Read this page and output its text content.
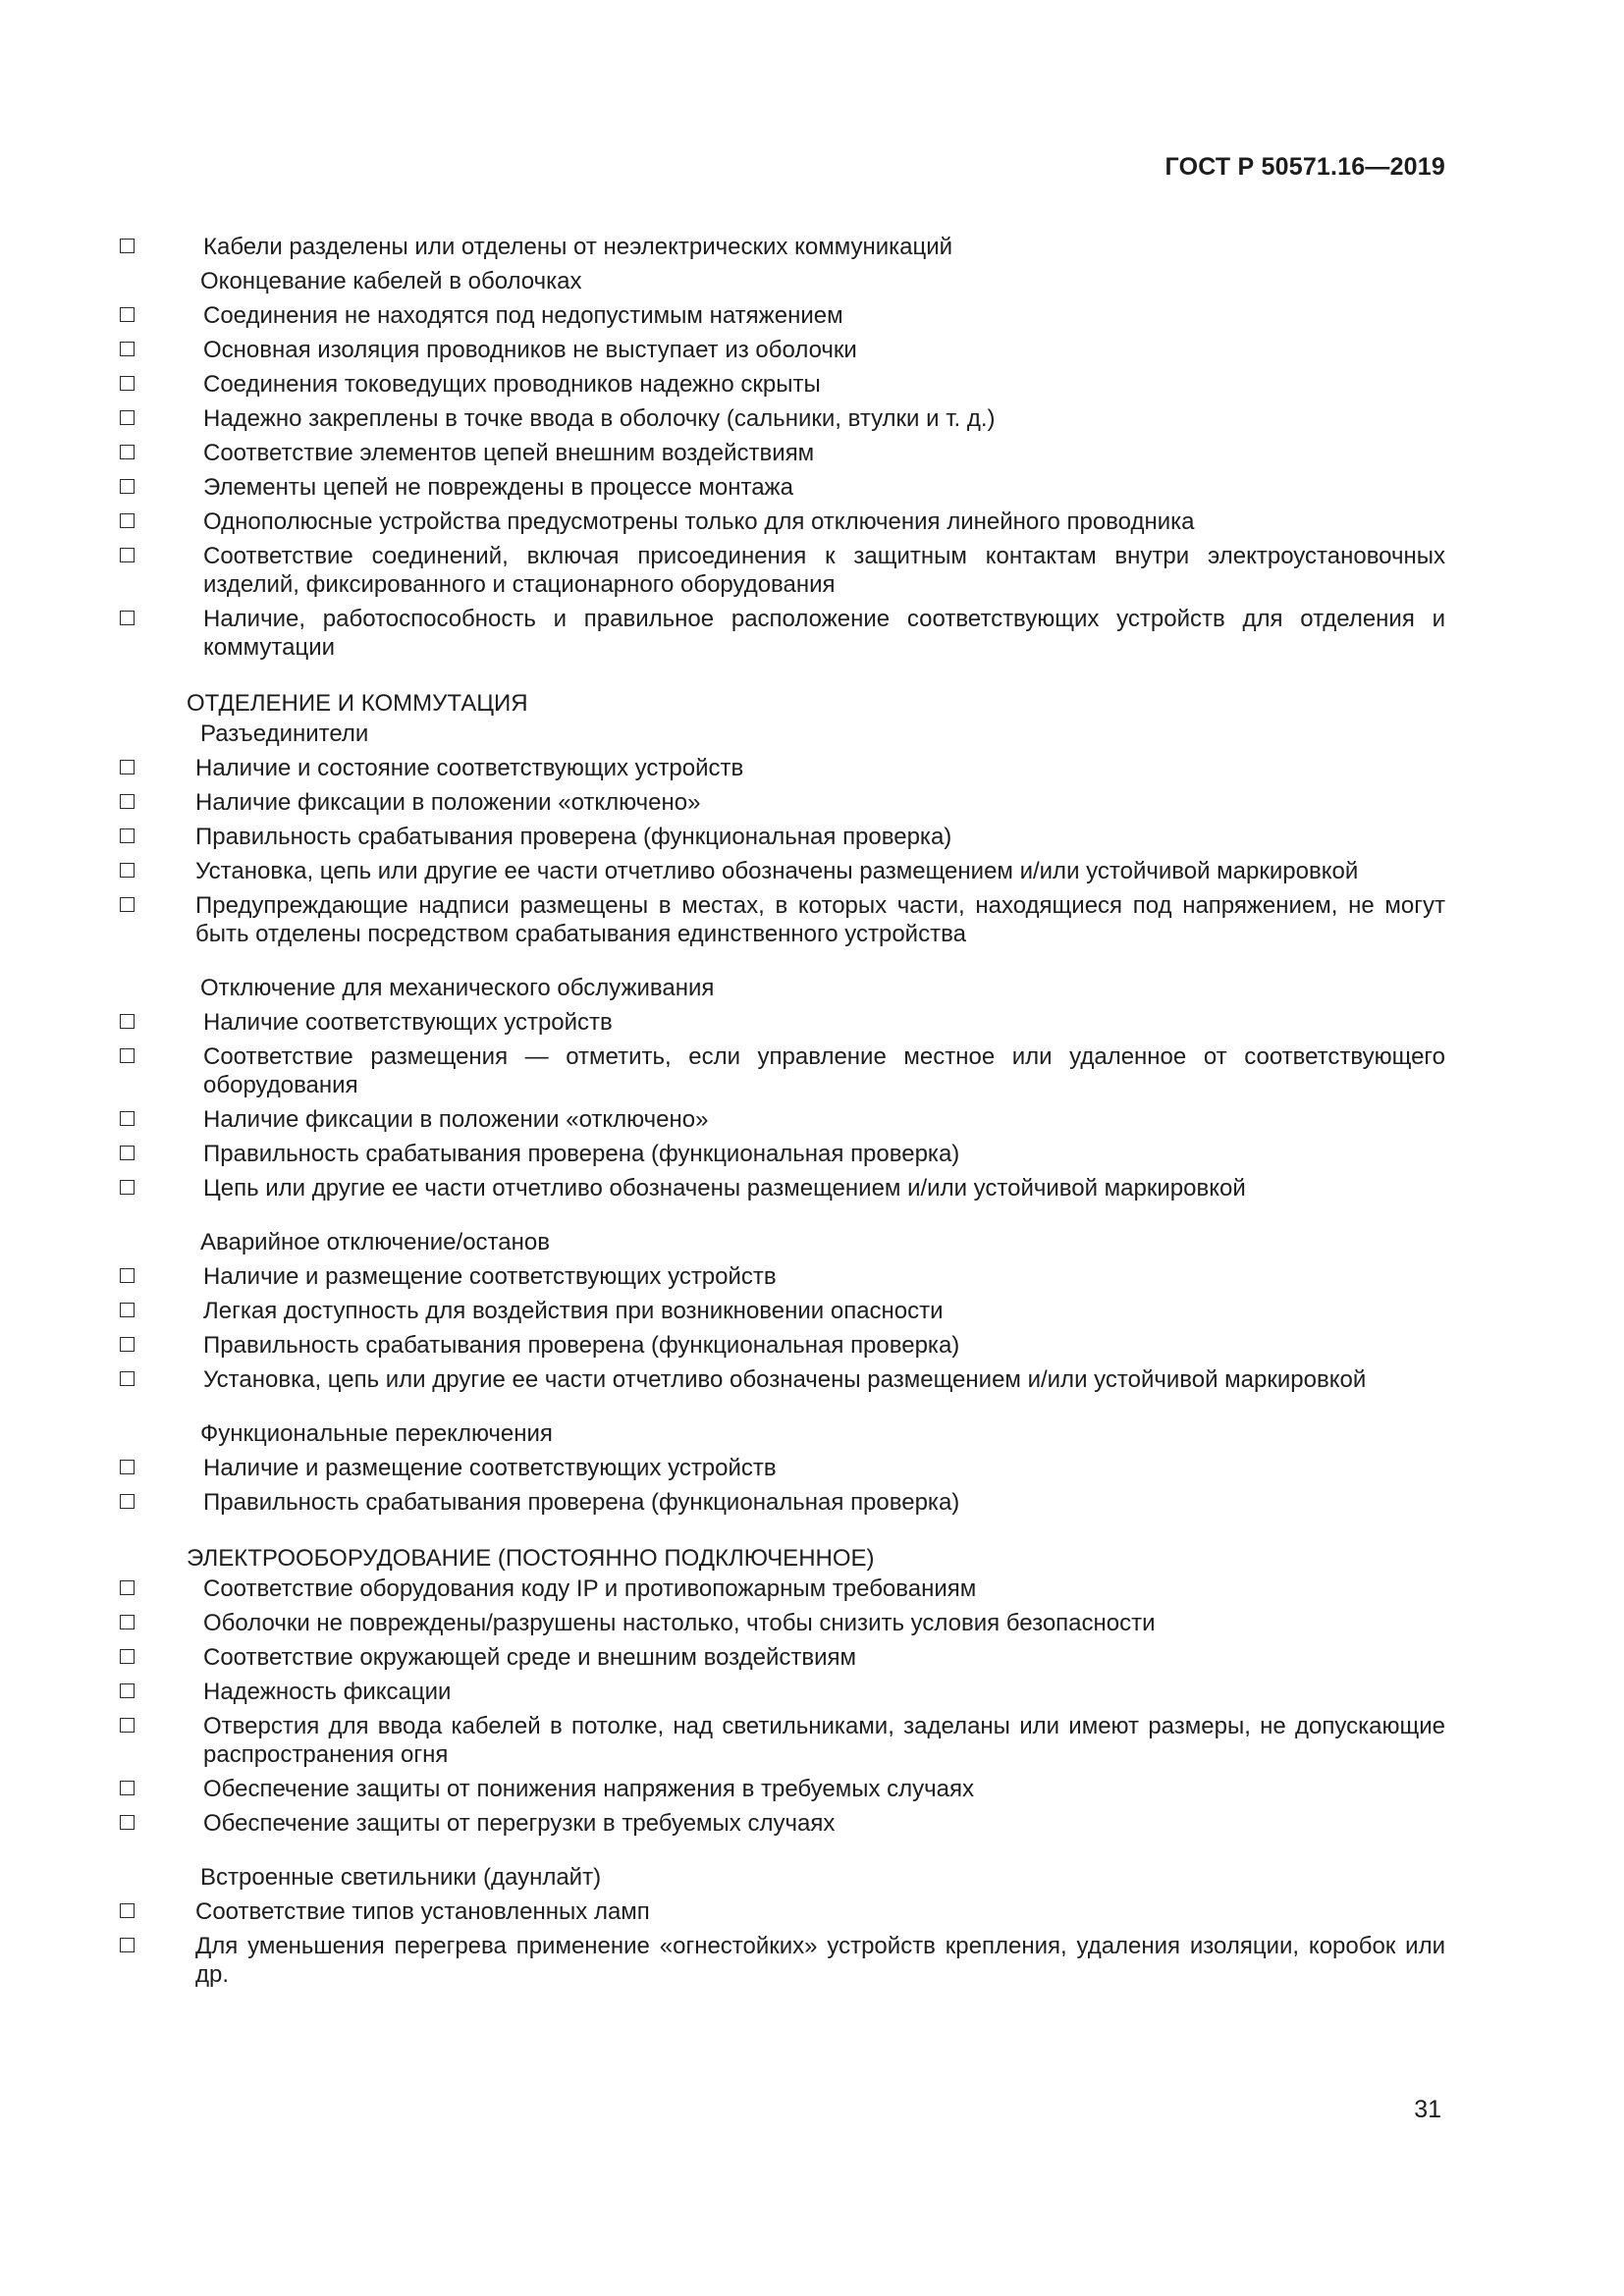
ГОСТ Р 50571.16—2019
Кабели разделены или отделены от неэлектрических коммуникаций
Оконцевание кабелей в оболочках
Соединения не находятся под недопустимым натяжением
Основная изоляция проводников не выступает из оболочки
Соединения токоведущих проводников надежно скрыты
Надежно закреплены в точке ввода в оболочку (сальники, втулки и т. д.)
Соответствие элементов цепей внешним воздействиям
Элементы цепей не повреждены в процессе монтажа
Однополюсные устройства предусмотрены только для отключения линейного проводника
Соответствие соединений, включая присоединения к защитным контактам внутри электроустановочных изделий, фиксированного и стационарного оборудования
Наличие, работоспособность и правильное расположение соответствующих устройств для отделения и коммутации
ОТДЕЛЕНИЕ И КОММУТАЦИЯ
Разъединители
Наличие и состояние соответствующих устройств
Наличие фиксации в положении «отключено»
Правильность срабатывания проверена (функциональная проверка)
Установка, цепь или другие ее части отчетливо обозначены размещением и/или устойчивой маркировкой
Предупреждающие надписи размещены в местах, в которых части, находящиеся под напряжением, не могут быть отделены посредством срабатывания единственного устройства
Отключение для механического обслуживания
Наличие соответствующих устройств
Соответствие размещения — отметить, если управление местное или удаленное от соответствующего оборудования
Наличие фиксации в положении «отключено»
Правильность срабатывания проверена (функциональная проверка)
Цепь или другие ее части отчетливо обозначены размещением и/или устойчивой маркировкой
Аварийное отключение/останов
Наличие и размещение соответствующих устройств
Легкая доступность для воздействия при возникновении опасности
Правильность срабатывания проверена (функциональная проверка)
Установка, цепь или другие ее части отчетливо обозначены размещением и/или устойчивой маркировкой
Функциональные переключения
Наличие и размещение соответствующих устройств
Правильность срабатывания проверена (функциональная проверка)
ЭЛЕКТРООБОРУДОВАНИЕ (ПОСТОЯННО ПОДКЛЮЧЕННОЕ)
Соответствие оборудования коду IP и противопожарным требованиям
Оболочки не повреждены/разрушены настолько, чтобы снизить условия безопасности
Соответствие окружающей среде и внешним воздействиям
Надежность фиксации
Отверстия для ввода кабелей в потолке, над светильниками, заделаны или имеют размеры, не допускающие распространения огня
Обеспечение защиты от понижения напряжения в требуемых случаях
Обеспечение защиты от перегрузки в требуемых случаях
Встроенные светильники (даунлайт)
Соответствие типов установленных ламп
Для уменьшения перегрева применение «огнестойких» устройств крепления, удаления изоляции, коробок или др.
31
